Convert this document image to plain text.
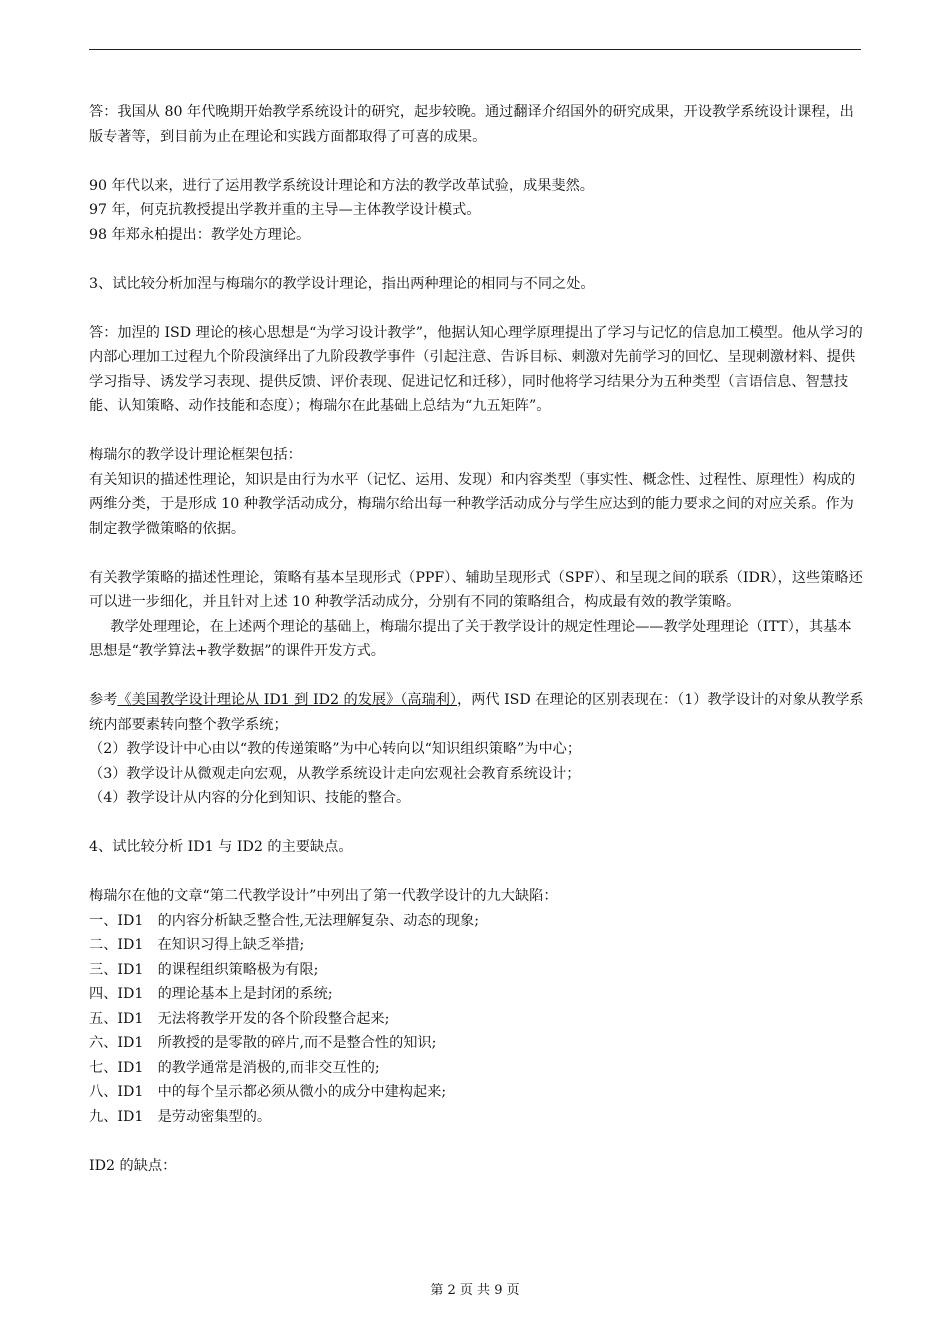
答：我国从 80 年代晚期开始教学系统设计的研究，起步较晚。通过翻译介绍国外的研究成果，开设教学系统设计课程，出版专著等，到目前为止在理论和实践方面都取得了可喜的成果。

90 年代以来，进行了运用教学系统设计理论和方法的教学改革试验，成果斐然。

97 年，何克抗教授提出学教并重的主导—主体教学设计模式。

98 年郑永柏提出：教学处方理论。

3、试比较分析加涅与梅瑞尔的教学设计理论，指出两种理论的相同与不同之处。

答：加涅的 ISD 理论的核心思想是“为学习设计教学”，他据认知心理学原理提出了学习与记忆的信息加工模型。他从学习的内部心理加工过程九个阶段演绎出了九阶段教学事件（引起注意、告诉目标、刺激对先前学习的回忆、呈现刺激材料、提供学习指导、诱发学习表现、提供反馈、评价表现、促进记忆和迁移），同时他将学习结果分为五种类型（言语信息、智慧技能、认知策略、动作技能和态度）；梅瑞尔在此基础上总结为“九五矩阵”。

梅瑞尔的教学设计理论框架包括：

有关知识的描述性理论，知识是由行为水平（记忆、运用、发现）和内容类型（事实性、概念性、过程性、原理性）构成的两维分类，于是形成 10 种教学活动成分，梅瑞尔给出每一种教学活动成分与学生应达到的能力要求之间的对应关系。作为制定教学微策略的依据。

有关教学策略的描述性理论，策略有基本呈现形式（PPF）、辅助呈现形式（SPF）、和呈现之间的联系（IDR），这些策略还可以进一步细化，并且针对上述 10 种教学活动成分，分别有不同的策略组合，构成最有效的教学策略。

教学处理理论，在上述两个理论的基础上，梅瑞尔提出了关于教学设计的规定性理论——教学处理理论（ITT），其基本思想是“教学算法+教学数据”的课件开发方式。

参考《美国教学设计理论从 ID1 到 ID2 的发展》（高瑞利），两代 ISD 在理论的区别表现在：（1）教学设计的对象从教学系统内部要素转向整个教学系统；

（2）教学设计中心由以“教的传递策略”为中心转向以“知识组织策略”为中心；

（3）教学设计从微观走向宏观，从教学系统设计走向宏观社会教育系统设计；

（4）教学设计从内容的分化到知识、技能的整合。

4、试比较分析 ID1 与 ID2 的主要缺点。

梅瑞尔在他的文章“第二代教学设计”中列出了第一代教学设计的九大缺陷：

一、ID1　的内容分析缺乏整合性,无法理解复杂、动态的现象;

二、ID1　在知识习得上缺乏举措;

三、ID1　的课程组织策略极为有限;

四、ID1　的理论基本上是封闭的系统;

五、ID1　无法将教学开发的各个阶段整合起来;

六、ID1　所教授的是零散的碎片,而不是整合性的知识;

七、ID1　的教学通常是消极的,而非交互性的;

八、ID1　中的每个呈示都必须从微小的成分中建构起来;

九、ID1　是劳动密集型的。

ID2 的缺点：

第 2 页 共 9 页
